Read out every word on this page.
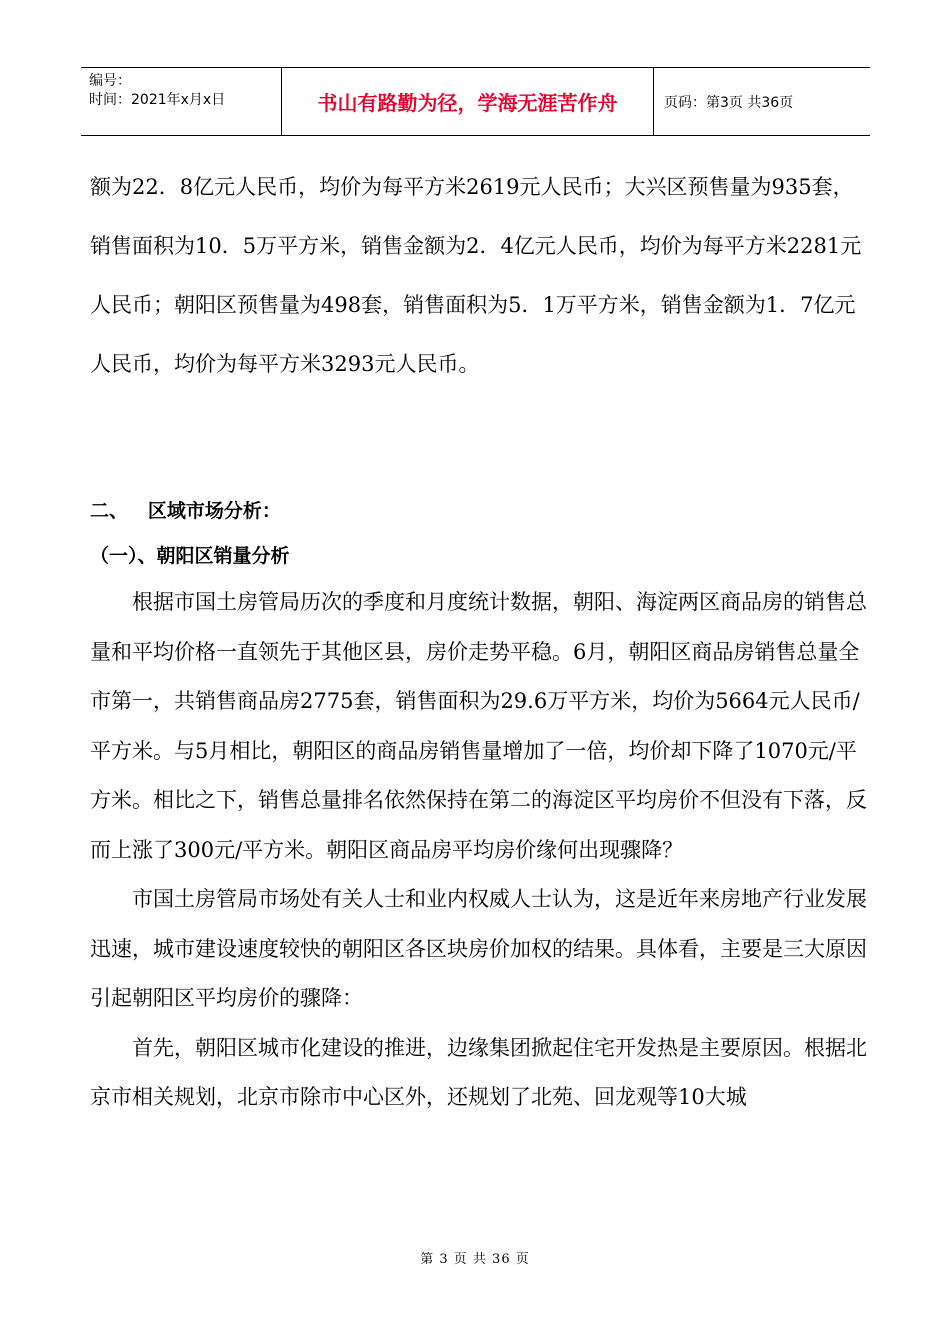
编号：
时间：2021年x月x日	书山有路勤为径，学海无涯苦作舟	页码：第3页 共36页

额为22．8亿元人民币，均价为每平方米2619元人民币；大兴区预售量为935套，销售面积为10．5万平方米，销售金额为2．4亿元人民币，均价为每平方米2281元人民币；朝阳区预售量为498套，销售面积为5．1万平方米，销售金额为1．7亿元人民币，均价为每平方米3293元人民币。

二、   区域市场分析：

（一）、朝阳区销量分析

根据市国土房管局历次的季度和月度统计数据，朝阳、海淀两区商品房的销售总量和平均价格一直领先于其他区县，房价走势平稳。6月，朝阳区商品房销售总量全市第一，共销售商品房2775套，销售面积为29.6万平方米，均价为5664元人民币/平方米。与5月相比，朝阳区的商品房销售量增加了一倍，均价却下降了1070元/平方米。相比之下，销售总量排名依然保持在第二的海淀区平均房价不但没有下落，反而上涨了300元/平方米。朝阳区商品房平均房价缘何出现骤降？

市国土房管局市场处有关人士和业内权威人士认为，这是近年来房地产行业发展迅速，城市建设速度较快的朝阳区各区块房价加权的结果。具体看，主要是三大原因引起朝阳区平均房价的骤降：

首先，朝阳区城市化建设的推进，边缘集团掀起住宅开发热是主要原因。根据北京市相关规划，北京市除市中心区外，还规划了北苑、回龙观等10大城

第 3 页 共 36 页
